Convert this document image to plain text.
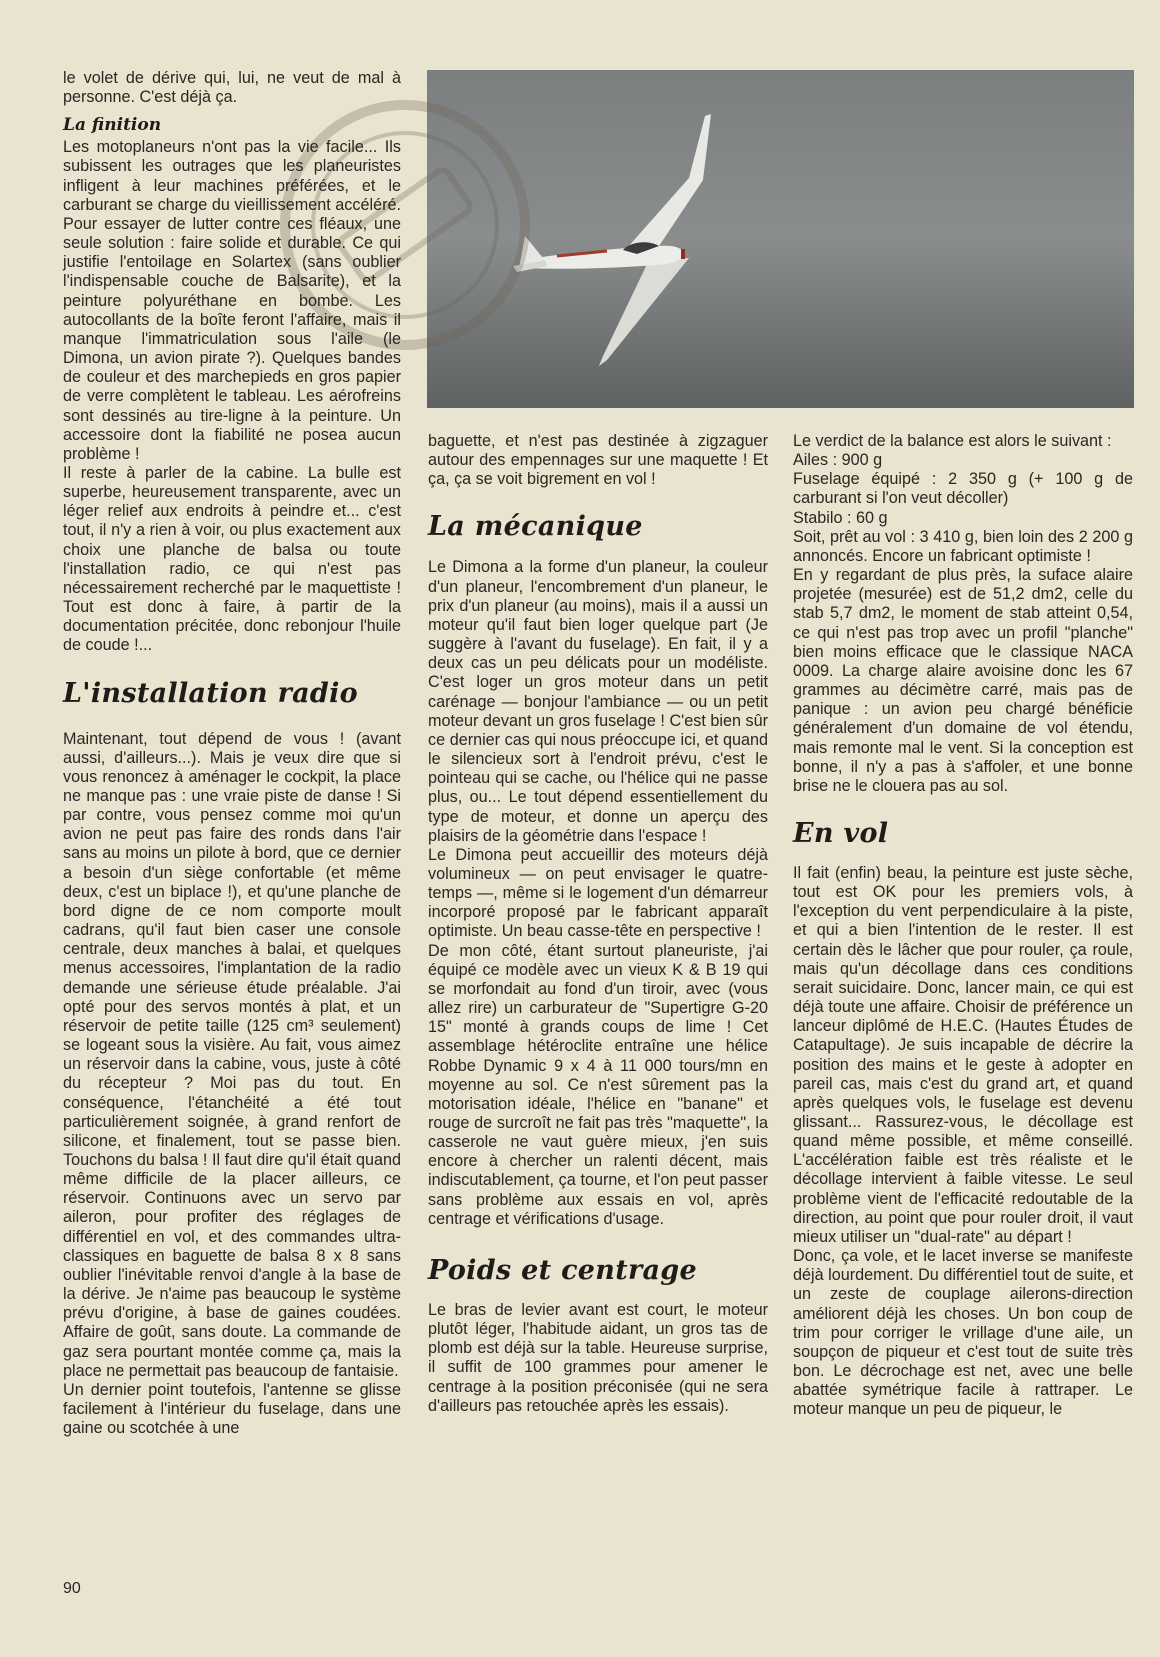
le volet de dérive qui, lui, ne veut de mal à personne. C'est déjà ça.

La finition

Les motoplaneurs n'ont pas la vie facile... Ils subissent les outrages que les planeuristes infligent à leur machines préférées, et le carburant se charge du vieillissement accéléré. Pour essayer de lutter contre ces fléaux, une seule solution : faire solide et durable. Ce qui justifie l'entoilage en Solartex (sans oublier l'indispensable couche de Balsarite), et la peinture polyuréthane en bombe. Les autocollants de la boîte feront l'affaire, mais il manque l'immatriculation sous l'aile (le Dimona, un avion pirate ?). Quelques bandes de couleur et des marchepieds en gros papier de verre complètent le tableau. Les aérofreins sont dessinés au tire-ligne à la peinture. Un accessoire dont la fiabilité ne posea aucun problème !

Il reste à parler de la cabine. La bulle est superbe, heureusement transparente, avec un léger relief aux endroits à peindre et... c'est tout, il n'y a rien à voir, ou plus exactement aux choix une planche de balsa ou toute l'installation radio, ce qui n'est pas nécessairement recherché par le maquettiste ! Tout est donc à faire, à partir de la documentation précitée, donc rebonjour l'huile de coude !...

L'installation radio

Maintenant, tout dépend de vous ! (avant aussi, d'ailleurs...). Mais je veux dire que si vous renoncez à aménager le cockpit, la place ne manque pas : une vraie piste de danse ! Si par contre, vous pensez comme moi qu'un avion ne peut pas faire des ronds dans l'air sans au moins un pilote à bord, que ce dernier a besoin d'un siège confortable (et même deux, c'est un biplace !), et qu'une planche de bord digne de ce nom comporte moult cadrans, qu'il faut bien caser une console centrale, deux manches à balai, et quelques menus accessoires, l'implantation de la radio demande une sérieuse étude préalable. J'ai opté pour des servos montés à plat, et un réservoir de petite taille (125 cm³ seulement) se logeant sous la visière. Au fait, vous aimez un réservoir dans la cabine, vous, juste à côté du récepteur ? Moi pas du tout. En conséquence, l'étanchéité a été tout particulièrement soignée, à grand renfort de silicone, et finalement, tout se passe bien. Touchons du balsa ! Il faut dire qu'il était quand même difficile de la placer ailleurs, ce réservoir. Continuons avec un servo par aileron, pour profiter des réglages de différentiel en vol, et des commandes ultra-classiques en baguette de balsa 8 x 8 sans oublier l'inévitable renvoi d'angle à la base de la dérive. Je n'aime pas beaucoup le système prévu d'origine, à base de gaines coudées. Affaire de goût, sans doute. La commande de gaz sera pourtant montée comme ça, mais la place ne permettait pas beaucoup de fantaisie.

Un dernier point toutefois, l'antenne se glisse facilement à l'intérieur du fuselage, dans une gaine ou scotchée à une

baguette, et n'est pas destinée à zigzaguer autour des empennages sur une maquette ! Et ça, ça se voit bigrement en vol !

La mécanique

Le Dimona a la forme d'un planeur, la couleur d'un planeur, l'encombrement d'un planeur, le prix d'un planeur (au moins), mais il a aussi un moteur qu'il faut bien loger quelque part (Je suggère à l'avant du fuselage). En fait, il y a deux cas un peu délicats pour un modéliste. C'est loger un gros moteur dans un petit carénage — bonjour l'ambiance — ou un petit moteur devant un gros fuselage ! C'est bien sûr ce dernier cas qui nous préoccupe ici, et quand le silencieux sort à l'endroit prévu, c'est le pointeau qui se cache, ou l'hélice qui ne passe plus, ou... Le tout dépend essentiellement du type de moteur, et donne un aperçu des plaisirs de la géométrie dans l'espace !

Le Dimona peut accueillir des moteurs déjà volumineux — on peut envisager le quatre-temps —, même si le logement d'un démarreur incorporé proposé par le fabricant apparaît optimiste. Un beau casse-tête en perspective !

De mon côté, étant surtout planeuriste, j'ai équipé ce modèle avec un vieux K & B 19 qui se morfondait au fond d'un tiroir, avec (vous allez rire) un carburateur de "Supertigre G-20 15" monté à grands coups de lime ! Cet assemblage hétéroclite entraîne une hélice Robbe Dynamic 9 x 4 à 11 000 tours/mn en moyenne au sol. Ce n'est sûrement pas la motorisation idéale, l'hélice en "banane" et rouge de surcroît ne fait pas très "maquette", la casserole ne vaut guère mieux, j'en suis encore à chercher un ralenti décent, mais indiscutablement, ça tourne, et l'on peut passer sans problème aux essais en vol, après centrage et vérifications d'usage.

Poids et centrage

Le bras de levier avant est court, le moteur plutôt léger, l'habitude aidant, un gros tas de plomb est déjà sur la table. Heureuse surprise, il suffit de 100 grammes pour amener le centrage à la position préconisée (qui ne sera d'ailleurs pas retouchée après les essais).

Le verdict de la balance est alors le suivant :

Ailes : 900 g

Fuselage équipé : 2 350 g (+ 100 g de carburant si l'on veut décoller)

Stabilo : 60 g

Soit, prêt au vol : 3 410 g, bien loin des 2 200 g annoncés. Encore un fabricant optimiste !

En y regardant de plus près, la suface alaire projetée (mesurée) est de 51,2 dm2, celle du stab 5,7 dm2, le moment de stab atteint 0,54, ce qui n'est pas trop avec un profil "planche" bien moins efficace que le classique NACA 0009. La charge alaire avoisine donc les 67 grammes au décimètre carré, mais pas de panique : un avion peu chargé bénéficie généralement d'un domaine de vol étendu, mais remonte mal le vent. Si la conception est bonne, il n'y a pas à s'affoler, et une bonne brise ne le clouera pas au sol.

En vol

Il fait (enfin) beau, la peinture est juste sèche, tout est OK pour les premiers vols, à l'exception du vent perpendiculaire à la piste, et qui a bien l'intention de le rester. Il est certain dès le lâcher que pour rouler, ça roule, mais qu'un décollage dans ces conditions serait suicidaire. Donc, lancer main, ce qui est déjà toute une affaire. Choisir de préférence un lanceur diplômé de H.E.C. (Hautes Études de Catapultage). Je suis incapable de décrire la position des mains et le geste à adopter en pareil cas, mais c'est du grand art, et quand après quelques vols, le fuselage est devenu glissant... Rassurez-vous, le décollage est quand même possible, et même conseillé. L'accélération faible est très réaliste et le décollage intervient à faible vitesse. Le seul problème vient de l'efficacité redoutable de la direction, au point que pour rouler droit, il vaut mieux utiliser un "dual-rate" au départ !

Donc, ça vole, et le lacet inverse se manifeste déjà lourdement. Du différentiel tout de suite, et un zeste de couplage ailerons-direction améliorent déjà les choses. Un bon coup de trim pour corriger le vrillage d'une aile, un soupçon de piqueur et c'est tout de suite très bon. Le décrochage est net, avec une belle abattée symétrique facile à rattraper. Le moteur manque un peu de piqueur, le

90
